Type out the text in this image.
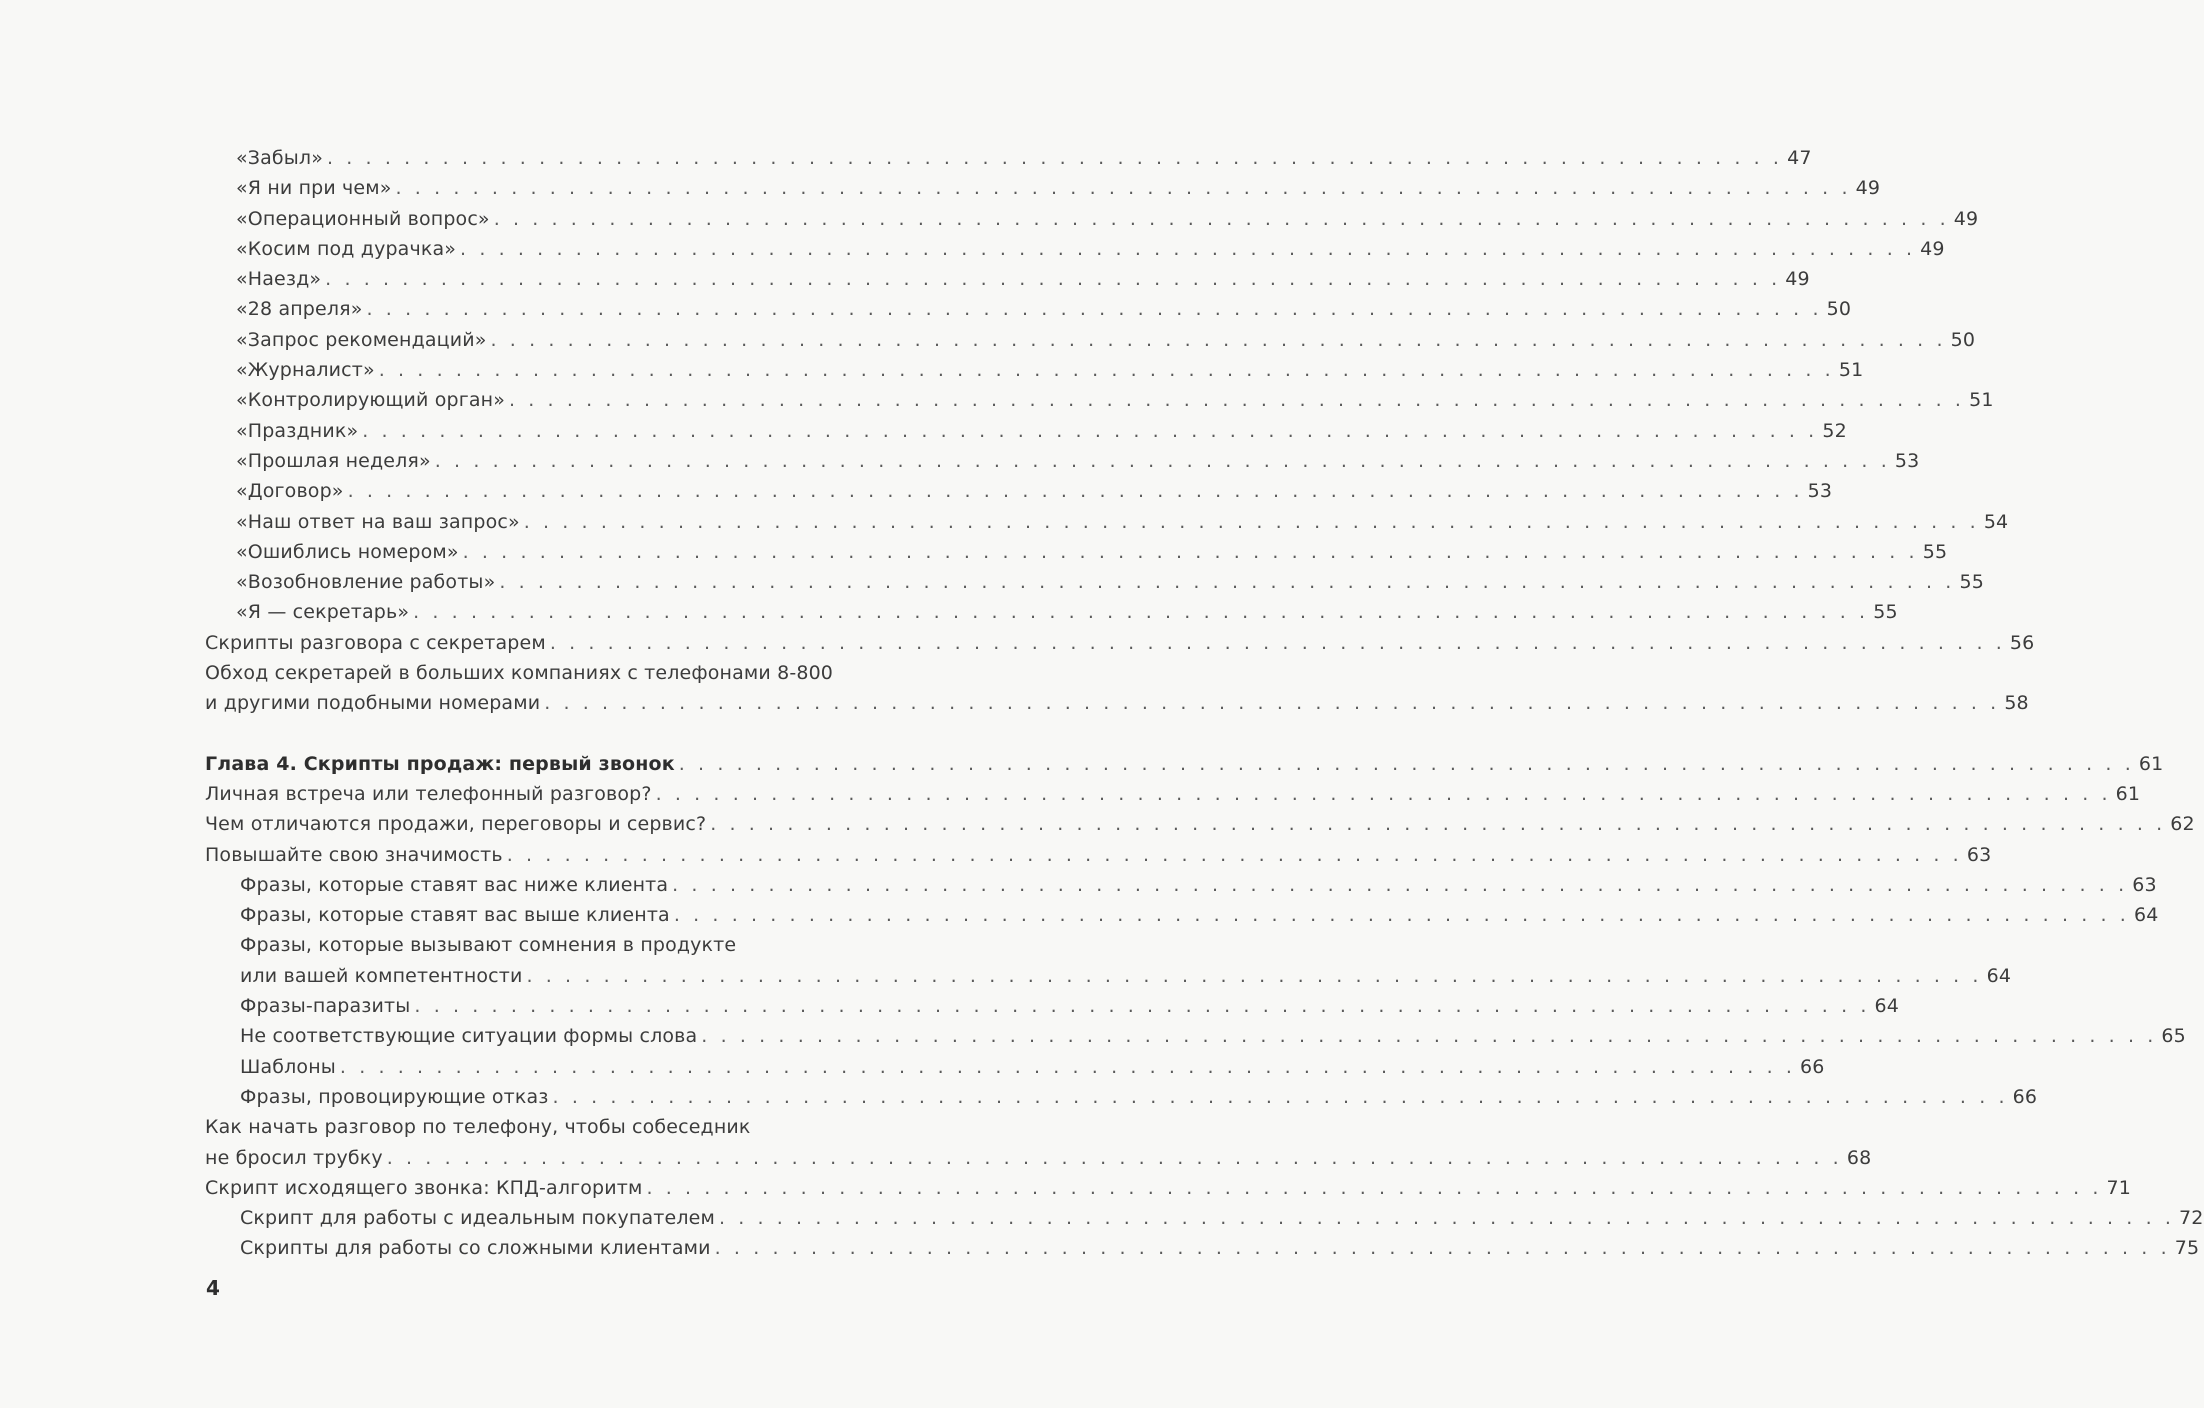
«Забыл» . . . . . . . . . . . . . . . . . . . . . . . . . . . . . . . . . . . . . . . . . . . . . . . . . . . . . . . . . . . . . . . . . . . . . . . . . . . . 47
«Я ни при чем» . . . . . . . . . . . . . . . . . . . . . . . . . . . . . . . . . . . . . . . . . . . . . . . . . . . . . . . . . . . . . . . . . . . . . . . . . . . . 49
«Операционный вопрос» . . . . . . . . . . . . . . . . . . . . . . . . . . . . . . . . . . . . . . . . . . . . . . . . . . . . . . . . . . . . . . . . . . . . . . . . . . . . 49
«Косим под дурачка» . . . . . . . . . . . . . . . . . . . . . . . . . . . . . . . . . . . . . . . . . . . . . . . . . . . . . . . . . . . . . . . . . . . . . . . . . . . . 49
«Наезд» . . . . . . . . . . . . . . . . . . . . . . . . . . . . . . . . . . . . . . . . . . . . . . . . . . . . . . . . . . . . . . . . . . . . . . . . . . . . 49
«28 апреля» . . . . . . . . . . . . . . . . . . . . . . . . . . . . . . . . . . . . . . . . . . . . . . . . . . . . . . . . . . . . . . . . . . . . . . . . . . . . 50
«Запрос рекомендаций» . . . . . . . . . . . . . . . . . . . . . . . . . . . . . . . . . . . . . . . . . . . . . . . . . . . . . . . . . . . . . . . . . . . . . . . . . . . . 50
«Журналист» . . . . . . . . . . . . . . . . . . . . . . . . . . . . . . . . . . . . . . . . . . . . . . . . . . . . . . . . . . . . . . . . . . . . . . . . . . . . 51
«Контролирующий орган» . . . . . . . . . . . . . . . . . . . . . . . . . . . . . . . . . . . . . . . . . . . . . . . . . . . . . . . . . . . . . . . . . . . . . . . . . . . . 51
«Праздник» . . . . . . . . . . . . . . . . . . . . . . . . . . . . . . . . . . . . . . . . . . . . . . . . . . . . . . . . . . . . . . . . . . . . . . . . . . . . 52
«Прошлая неделя» . . . . . . . . . . . . . . . . . . . . . . . . . . . . . . . . . . . . . . . . . . . . . . . . . . . . . . . . . . . . . . . . . . . . . . . . . . . . 53
«Договор» . . . . . . . . . . . . . . . . . . . . . . . . . . . . . . . . . . . . . . . . . . . . . . . . . . . . . . . . . . . . . . . . . . . . . . . . . . . . 53
«Наш ответ на ваш запрос» . . . . . . . . . . . . . . . . . . . . . . . . . . . . . . . . . . . . . . . . . . . . . . . . . . . . . . . . . . . . . . . . . . . . . . . . . . . . 54
«Ошиблись номером» . . . . . . . . . . . . . . . . . . . . . . . . . . . . . . . . . . . . . . . . . . . . . . . . . . . . . . . . . . . . . . . . . . . . . . . . . . . . 55
«Возобновление работы» . . . . . . . . . . . . . . . . . . . . . . . . . . . . . . . . . . . . . . . . . . . . . . . . . . . . . . . . . . . . . . . . . . . . . . . . . . . . 55
«Я — секретарь» . . . . . . . . . . . . . . . . . . . . . . . . . . . . . . . . . . . . . . . . . . . . . . . . . . . . . . . . . . . . . . . . . . . . . . . . . . . . 55
Скрипты разговора с секретарем . . . . . . . . . . . . . . . . . . . . . . . . . . . . . . . . . . . . . . . . . . . . . . . . . . . . . . . . . . . . . . . . . . . . . . . . . . . . 56
Обход секретарей в больших компаниях с телефонами 8-800
и другими подобными номерами . . . . . . . . . . . . . . . . . . . . . . . . . . . . . . . . . . . . . . . . . . . . . . . . . . . . . . . . . . . . . . . . . . . . . . . . . . . . 58
Глава 4. Скрипты продаж: первый звонок . . . . . . . . . . . . . . . . . . . . . . . . . . . . . . . . . . . . . . . . . . . . . . . . . . . . . . . . . . . . . . . . . . . . . . . . . . . . 61
Личная встреча или телефонный разговор? . . . . . . . . . . . . . . . . . . . . . . . . . . . . . . . . . . . . . . . . . . . . . . . . . . . . . . . . . . . . . . . . . . . . . . . . . . . . 61
Чем отличаются продажи, переговоры и сервис? . . . . . . . . . . . . . . . . . . . . . . . . . . . . . . . . . . . . . . . . . . . . . . . . . . . . . . . . . . . . . . . . . . . . . . . . . . . . 62
Повышайте свою значимость . . . . . . . . . . . . . . . . . . . . . . . . . . . . . . . . . . . . . . . . . . . . . . . . . . . . . . . . . . . . . . . . . . . . . . . . . . . . 63
Фразы, которые ставят вас ниже клиента . . . . . . . . . . . . . . . . . . . . . . . . . . . . . . . . . . . . . . . . . . . . . . . . . . . . . . . . . . . . . . . . . . . . . . . . . . . . 63
Фразы, которые ставят вас выше клиента . . . . . . . . . . . . . . . . . . . . . . . . . . . . . . . . . . . . . . . . . . . . . . . . . . . . . . . . . . . . . . . . . . . . . . . . . . . . 64
Фразы, которые вызывают сомнения в продукте
или вашей компетентности . . . . . . . . . . . . . . . . . . . . . . . . . . . . . . . . . . . . . . . . . . . . . . . . . . . . . . . . . . . . . . . . . . . . . . . . . . . . 64
Фразы-паразиты . . . . . . . . . . . . . . . . . . . . . . . . . . . . . . . . . . . . . . . . . . . . . . . . . . . . . . . . . . . . . . . . . . . . . . . . . . . . 64
Не соответствующие ситуации формы слова . . . . . . . . . . . . . . . . . . . . . . . . . . . . . . . . . . . . . . . . . . . . . . . . . . . . . . . . . . . . . . . . . . . . . . . . . . . . 65
Шаблоны . . . . . . . . . . . . . . . . . . . . . . . . . . . . . . . . . . . . . . . . . . . . . . . . . . . . . . . . . . . . . . . . . . . . . . . . . . . . 66
Фразы, провоцирующие отказ . . . . . . . . . . . . . . . . . . . . . . . . . . . . . . . . . . . . . . . . . . . . . . . . . . . . . . . . . . . . . . . . . . . . . . . . . . . . 66
Как начать разговор по телефону, чтобы собеседник
не бросил трубку . . . . . . . . . . . . . . . . . . . . . . . . . . . . . . . . . . . . . . . . . . . . . . . . . . . . . . . . . . . . . . . . . . . . . . . . . . . . 68
Скрипт исходящего звонка: КПД-алгоритм . . . . . . . . . . . . . . . . . . . . . . . . . . . . . . . . . . . . . . . . . . . . . . . . . . . . . . . . . . . . . . . . . . . . . . . . . . . . 71
Скрипт для работы с идеальным покупателем . . . . . . . . . . . . . . . . . . . . . . . . . . . . . . . . . . . . . . . . . . . . . . . . . . . . . . . . . . . . . . . . . . . . . . . . . . . . 72
Скрипты для работы со сложными клиентами . . . . . . . . . . . . . . . . . . . . . . . . . . . . . . . . . . . . . . . . . . . . . . . . . . . . . . . . . . . . . . . . . . . . . . . . . . . . 75
4
